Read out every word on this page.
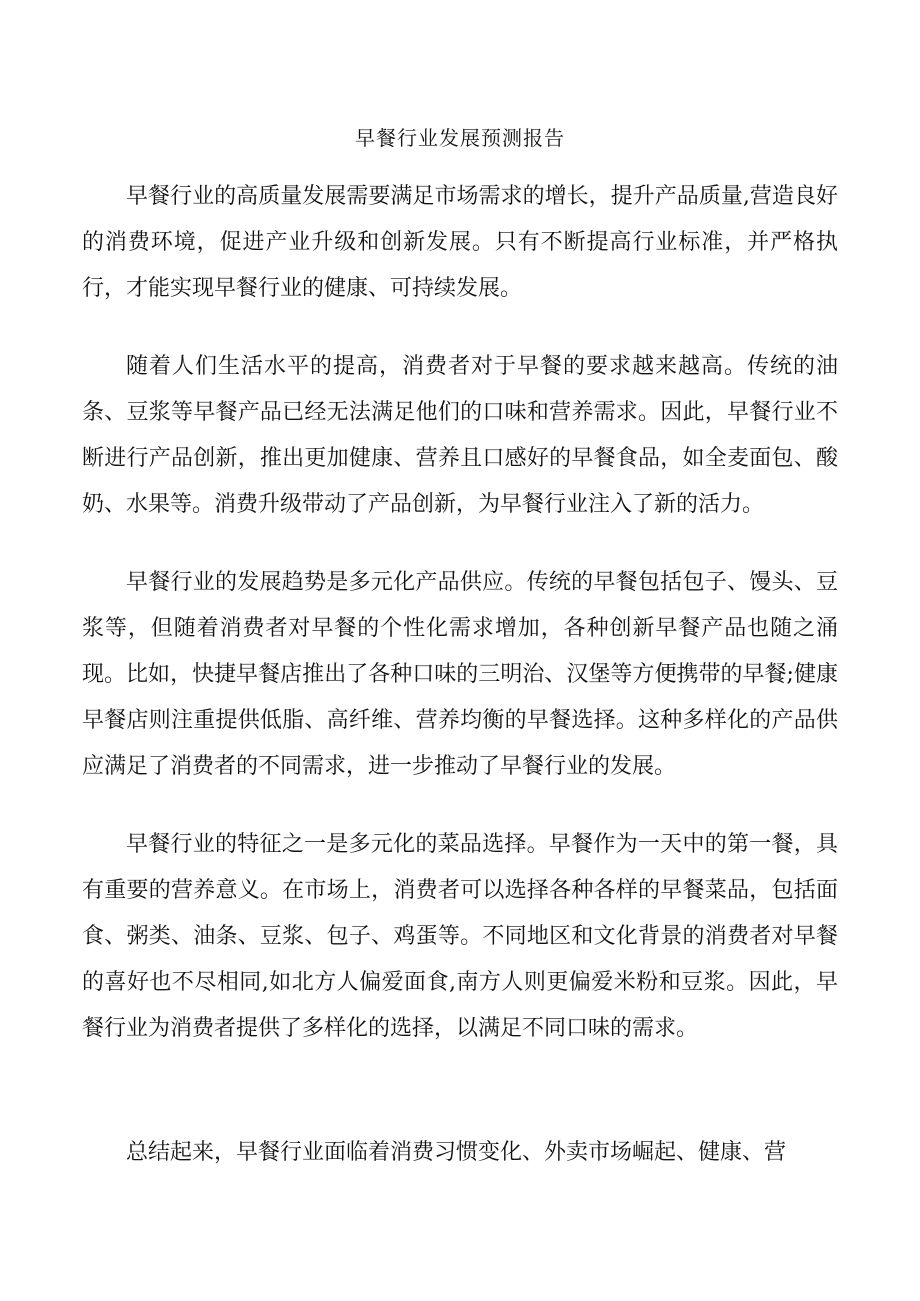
早餐行业发展预测报告

早餐行业的高质量发展需要满足市场需求的增长，提升产品质量,营造良好的消费环境，促进产业升级和创新发展。只有不断提高行业标准，并严格执行，才能实现早餐行业的健康、可持续发展。

随着人们生活水平的提高，消费者对于早餐的要求越来越高。传统的油条、豆浆等早餐产品已经无法满足他们的口味和营养需求。因此，早餐行业不断进行产品创新，推出更加健康、营养且口感好的早餐食品，如全麦面包、酸奶、水果等。消费升级带动了产品创新，为早餐行业注入了新的活力。

早餐行业的发展趋势是多元化产品供应。传统的早餐包括包子、馒头、豆浆等，但随着消费者对早餐的个性化需求增加，各种创新早餐产品也随之涌现。比如，快捷早餐店推出了各种口味的三明治、汉堡等方便携带的早餐;健康早餐店则注重提供低脂、高纤维、营养均衡的早餐选择。这种多样化的产品供应满足了消费者的不同需求，进一步推动了早餐行业的发展。

早餐行业的特征之一是多元化的菜品选择。早餐作为一天中的第一餐，具有重要的营养意义。在市场上，消费者可以选择各种各样的早餐菜品，包括面食、粥类、油条、豆浆、包子、鸡蛋等。不同地区和文化背景的消费者对早餐的喜好也不尽相同,如北方人偏爱面食,南方人则更偏爱米粉和豆浆。因此，早餐行业为消费者提供了多样化的选择，以满足不同口味的需求。

总结起来，早餐行业面临着消费习惯变化、外卖市场崛起、健康、营
